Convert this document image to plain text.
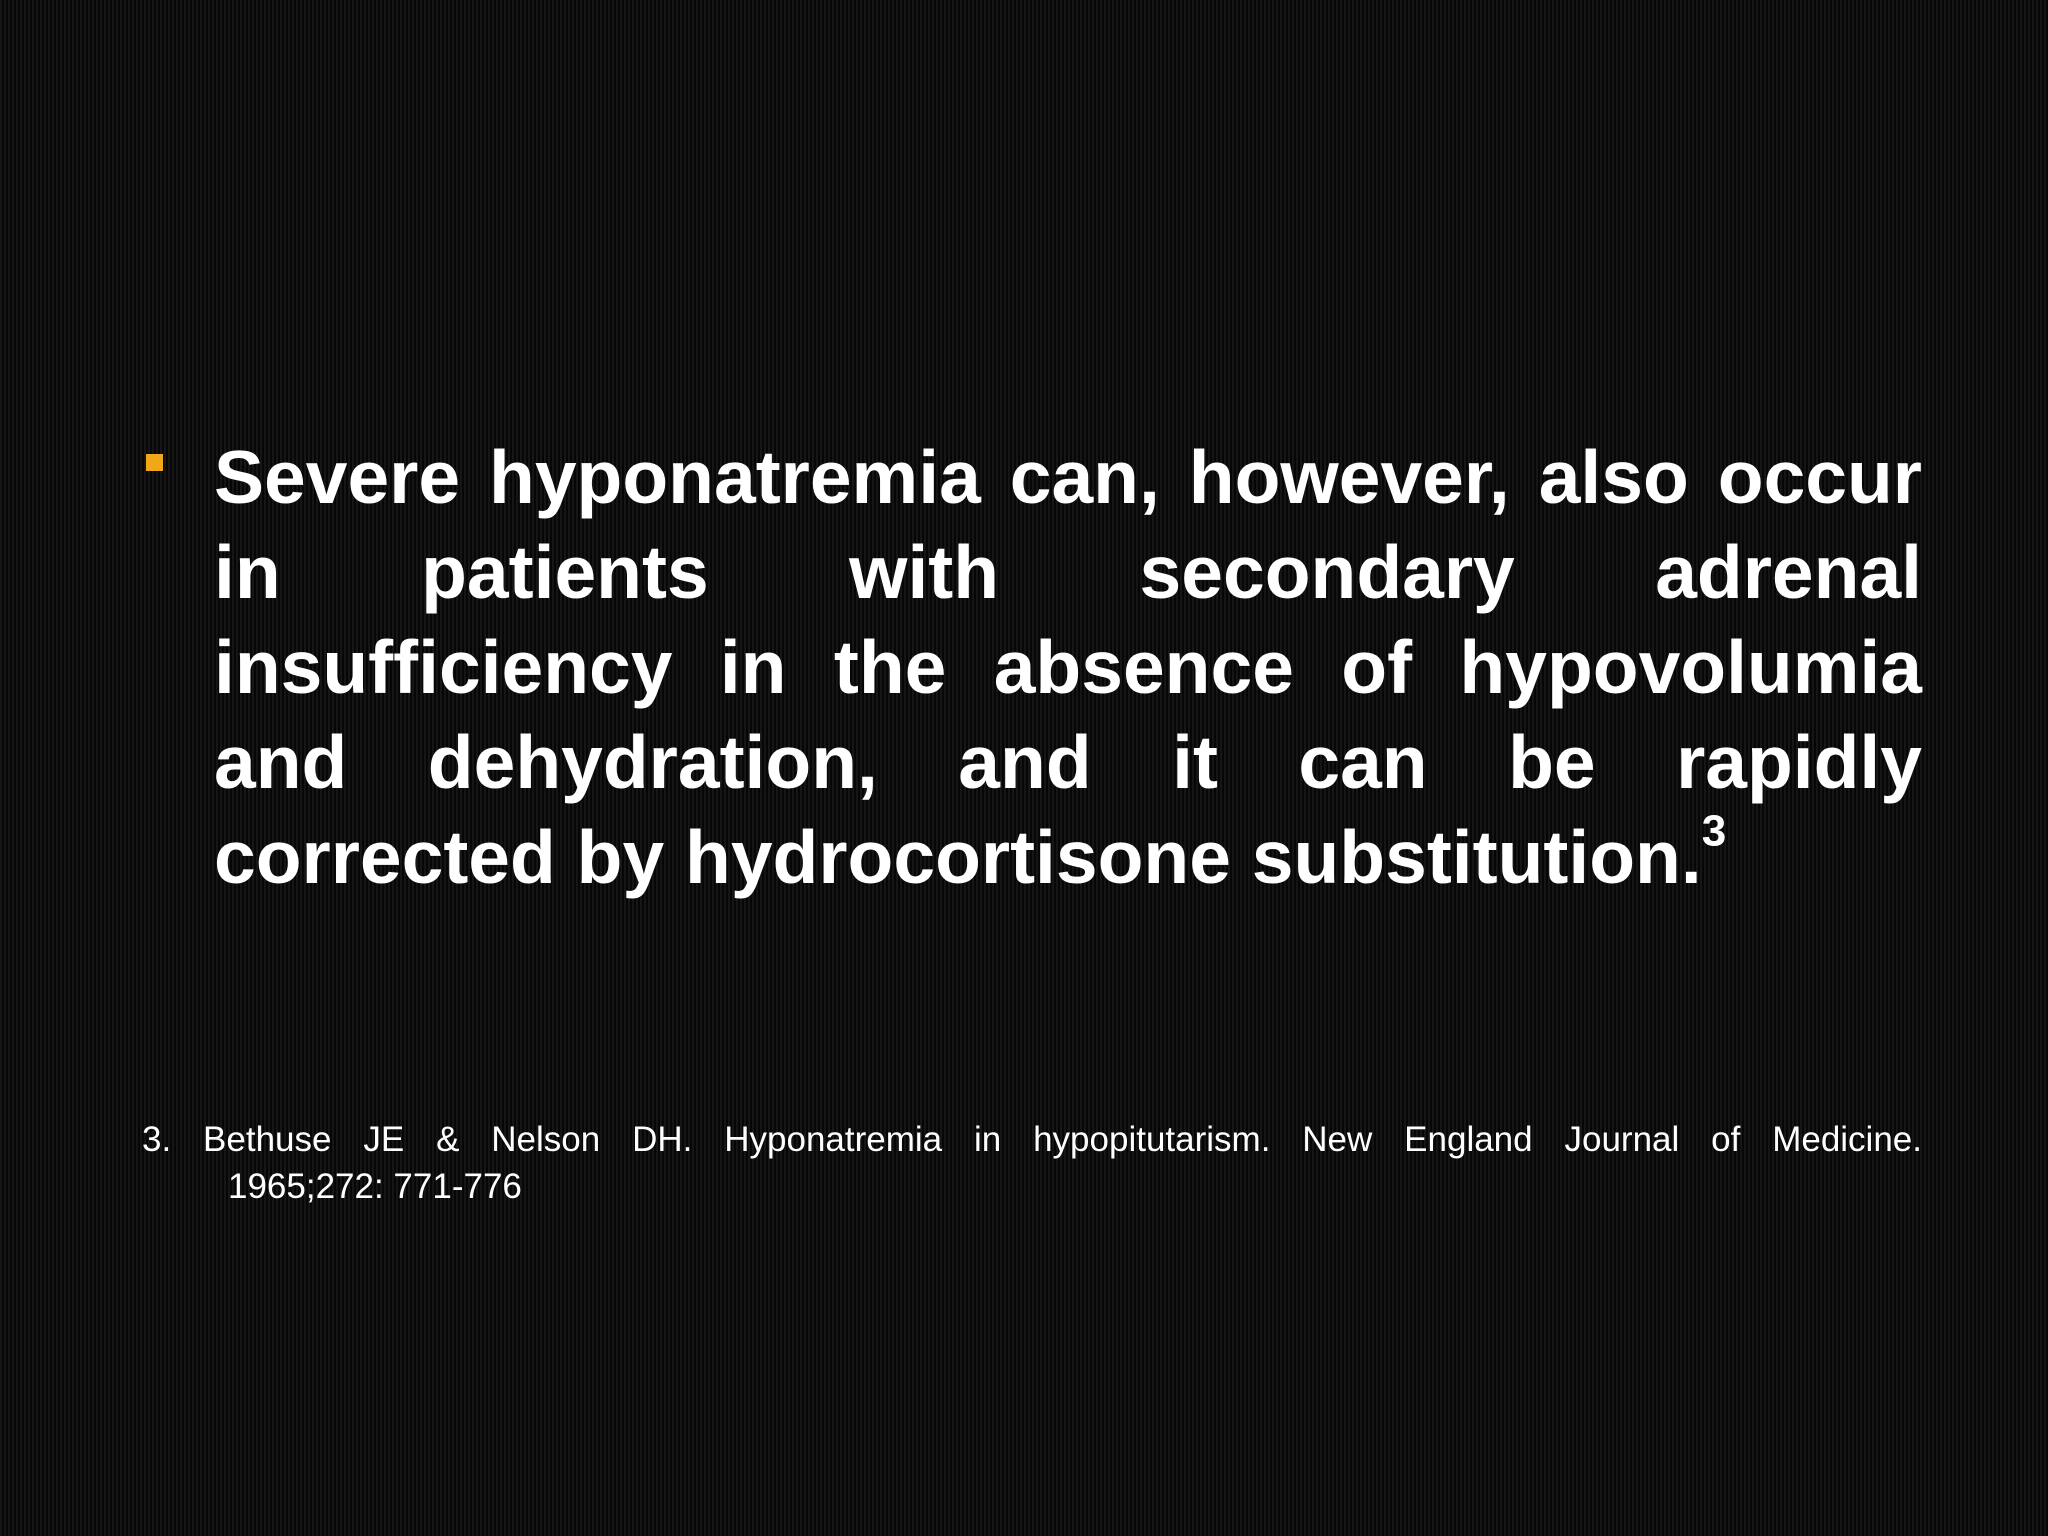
Severe hyponatremia can, however, also occur in patients with secondary adrenal insufficiency in the absence of hypovolumia and dehydration, and it can be rapidly corrected by hydrocortisone substitution.$^3$

3. Bethuse JE & Nelson DH. Hyponatremia in hypopitutarism. New England Journal of Medicine.
1965;272: 771-776
